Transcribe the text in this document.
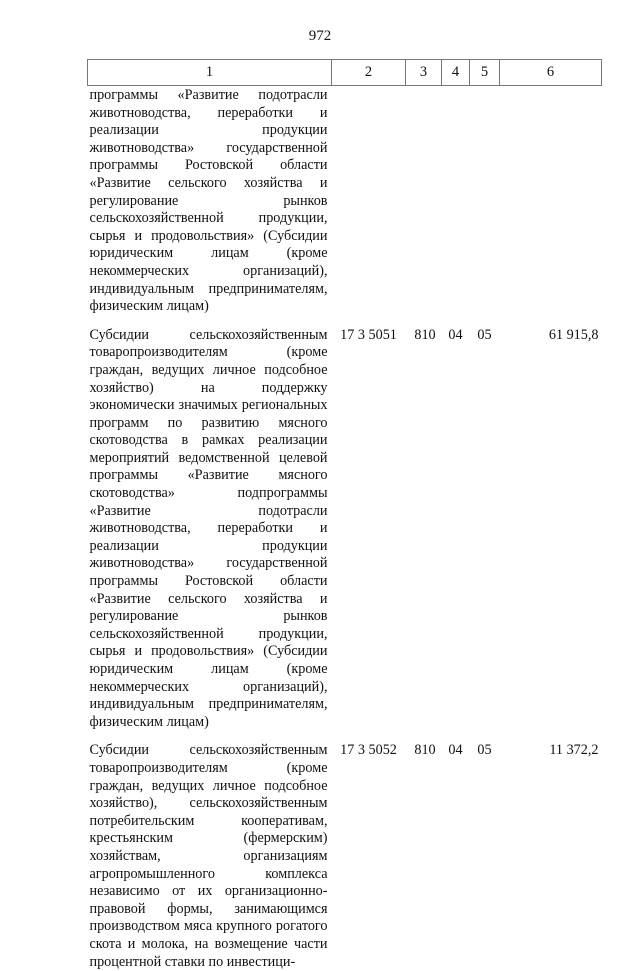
972
1	2	3	4	5	6
программы «Развитие подотрасли животноводства, переработки и реализации продукции животноводства» государственной программы Ростовской области «Развитие сельского хозяйства и регулирование рынков сельскохозяйственной продукции, сырья и продовольствия» (Субсидии юридическим лицам (кроме некоммерческих организаций), индивидуальным предпринимателям, физическим лицам)					
Субсидии сельскохозяйственным товаропроизводителям (кроме граждан, ведущих личное подсобное хозяйство) на поддержку экономически значимых региональных программ по развитию мясного скотоводства в рамках реализации мероприятий ведомственной целевой программы «Развитие мясного скотоводства» подпрограммы «Развитие подотрасли животноводства, переработки и реализации продукции животноводства» государственной программы Ростовской области «Развитие сельского хозяйства и регулирование рынков сельскохозяйственной продукции, сырья и продовольствия» (Субсидии юридическим лицам (кроме некоммерческих организаций), индивидуальным предпринимателям, физическим лицам)	17 3 5051	810	04	05	61 915,8
Субсидии сельскохозяйственным товаропроизводителям (кроме граждан, ведущих личное подсобное хозяйство), сельскохозяйственным потребительским кооперативам, крестьянским (фермерским) хозяйствам, организациям агропромышленного комплекса независимо от их организационно-правовой формы, занимающимся производством мяса крупного рогатого скота и молока, на возмещение части процентной ставки по инвестици-	17 3 5052	810	04	05	11 372,2
